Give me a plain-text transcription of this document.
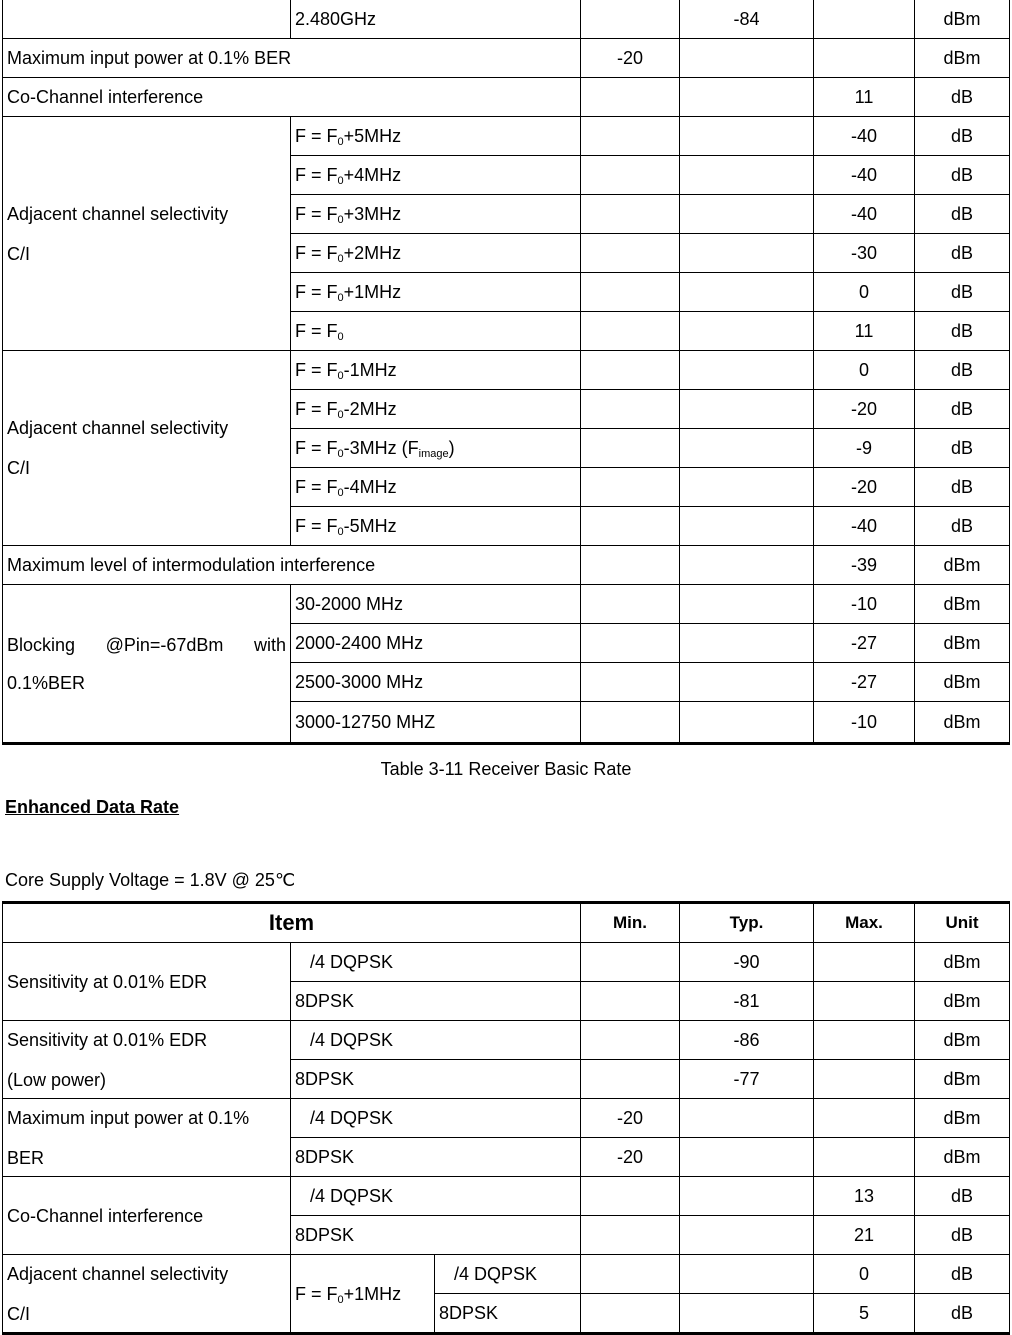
	2.480GHz		-84		dBm
Maximum input power at 0.1% BER		-20			dBm
Co-Channel interference				11	dB
Adjacent channel selectivity

C/I	$F = F_0+5MHz$			-40	dB
	$F = F_0+4MHz$			-40	dB
	$F = F_0+3MHz$			-40	dB
	$F = F_0+2MHz$			-30	dB
	$F = F_0+1MHz$			0	dB
	$F = F_0$			11	dB
Adjacent channel selectivity

C/I	$F = F_0-1MHz$			0	dB
	$F = F_0-2MHz$			-20	dB
	$F = F_0-3MHz$ $(F_{image})$			-9	dB
	$F = F_0-4MHz$			-20	dB
	$F = F_0-5MHz$			-40	dB
Maximum level of intermodulation interference				-39	dBm

Blocking   @Pin=-67dBm   with
0.1%BER	30-2000 MHz			-10	dBm
	2000-2400 MHz			-27	dBm
	2500-3000 MHz			-27	dBm
	3000-12750 MHZ			-10	dBm
Table 3-11 Receiver Basic Rate
Enhanced Data Rate
Core Supply Voltage = 1.8V @ 25℃
Item			Min.	Typ.	Max.	Unit
Sensitivity at 0.01% EDR	/4 DQPSK			-90		dBm
	8DPSK			-81		dBm
Sensitivity at 0.01% EDR

(Low power)	/4 DQPSK			-86		dBm
	8DPSK			-77		dBm
Maximum input power at 0.1%

BER	/4 DQPSK		-20			dBm
	8DPSK		-20			dBm
Co-Channel interference	/4 DQPSK				13	dB
	8DPSK				21	dB
Adjacent channel selectivity

C/I	$F = F_0+1MHz$	/4 DQPSK			0	dB
		8DPSK			5	dB
